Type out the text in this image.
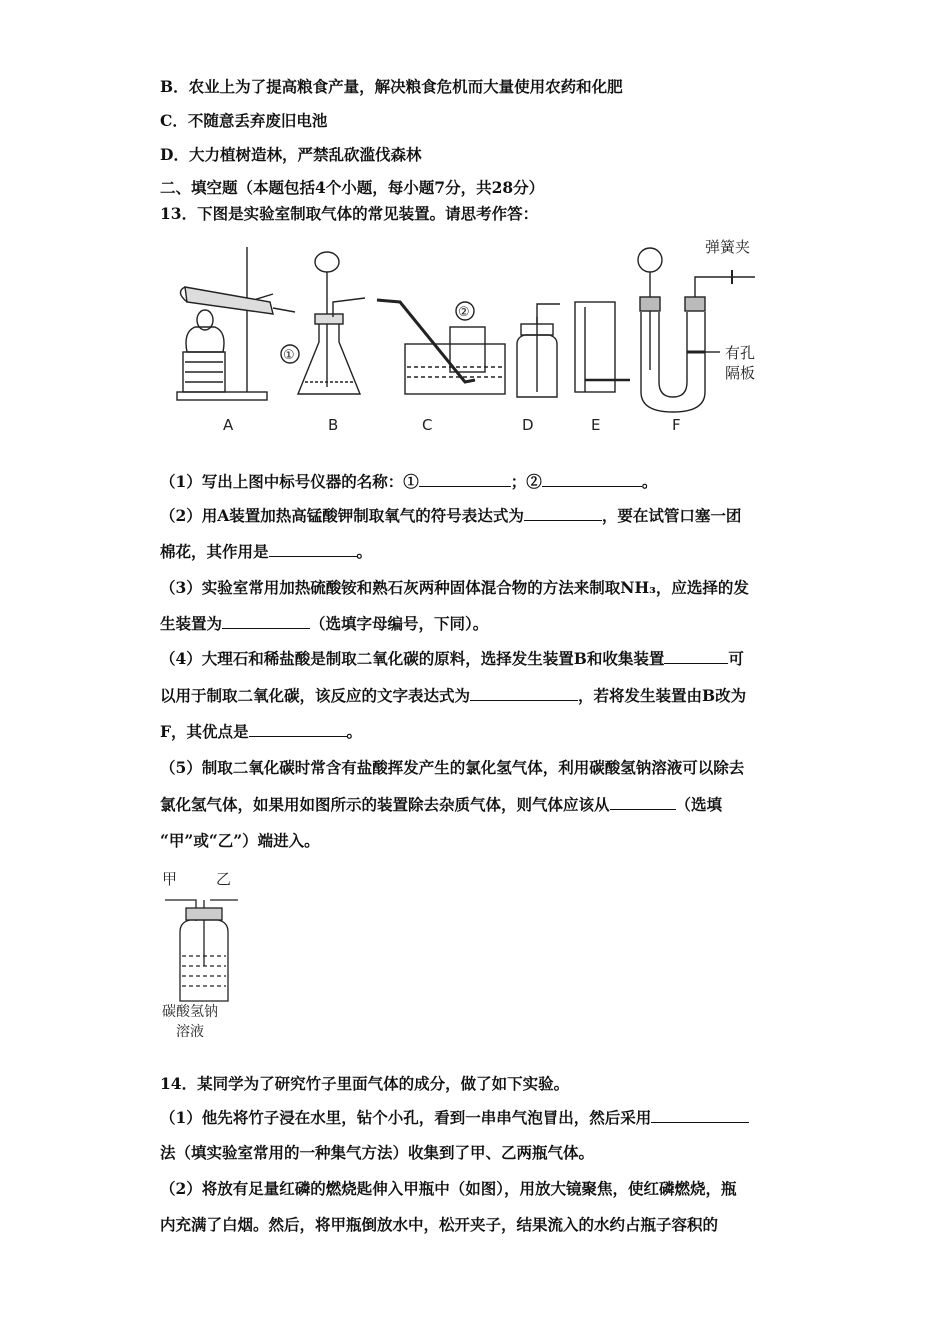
B．农业上为了提高粮食产量，解决粮食危机而大量使用农药和化肥
C．不随意丢弃废旧电池
D．大力植树造林，严禁乱砍滥伐森林
二、填空题（本题包括4个小题，每小题7分，共28分）
13．下图是实验室制取气体的常见装置。请思考作答：
A	B	C	D	E	F
①
②
弹簧夹
有孔
隔板
（1）写出上图中标号仪器的名称：①	；②	。
（2）用A装置加热高锰酸钾制取氧气的符号表达式为	，要在试管口塞一团
棉花，其作用是	。
（3）实验室常用加热硫酸铵和熟石灰两种固体混合物的方法来制取NH₃，应选择的发
生装置为	（选填字母编号，下同）。
（4）大理石和稀盐酸是制取二氧化碳的原料，选择发生装置B和收集装置	可
以用于制取二氧化碳，该反应的文字表达式为	，若将发生装置由B改为
F，其优点是	。
（5）制取二氧化碳时常含有盐酸挥发产生的氯化氢气体，利用碳酸氢钠溶液可以除去
氯化氢气体，如果用如图所示的装置除去杂质气体，则气体应该从	（选填
“甲”或“乙”）端进入。
甲	乙
碳酸氢钠
溶液
14．某同学为了研究竹子里面气体的成分，做了如下实验。
（1）他先将竹子浸在水里，钻个小孔，看到一串串气泡冒出，然后采用
法（填实验室常用的一种集气方法）收集到了甲、乙两瓶气体。
（2）将放有足量红磷的燃烧匙伸入甲瓶中（如图），用放大镜聚焦，使红磷燃烧，瓶
内充满了白烟。然后，将甲瓶倒放水中，松开夹子，结果流入的水约占瓶子容积的
